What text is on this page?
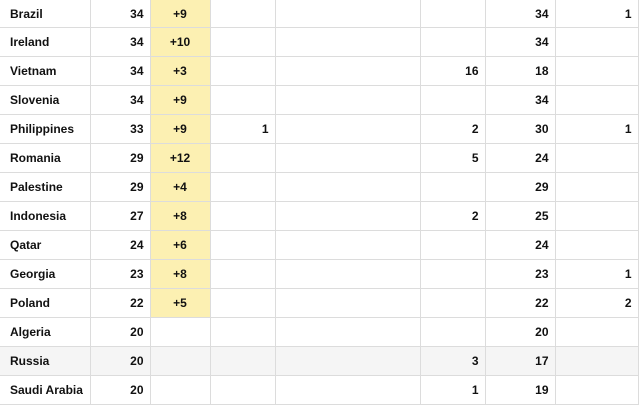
Brazil	34	+9				34	1	
Ireland	34	+10				34		
Vietnam	34	+3			16	18		
Slovenia	34	+9				34		
Philippines	33	+9	1		2	30	1	
Romania	29	+12			5	24		
Palestine	29	+4				29		
Indonesia	27	+8			2	25		
Qatar	24	+6				24		
Georgia	23	+8				23	1	
Poland	22	+5				22	2	
Algeria	20					20		
Russia	20				3	17		
Saudi Arabia	20				1	19		
